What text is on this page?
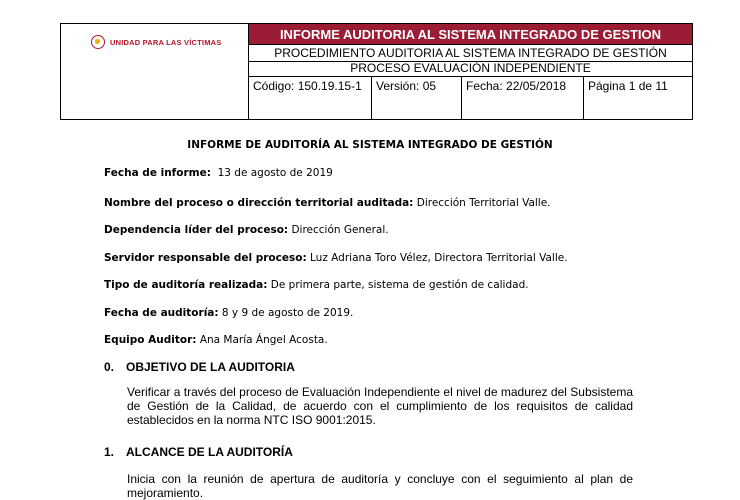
UNIDAD PARA LAS VÍCTIMAS	INFORME AUDITORIA AL SISTEMA INTEGRADO DE GESTION
PROCEDIMIENTO AUDITORIA AL SISTEMA INTEGRADO DE GESTIÓN
PROCESO EVALUACIÓN INDEPENDIENTE
Código: 150.19.15-1	Versión: 05	Fecha: 22/05/2018	Página 1 de 11
INFORME DE AUDITORÍA AL SISTEMA INTEGRADO DE GESTIÓN
Fecha de informe:  13 de agosto de 2019
Nombre del proceso o dirección territorial auditada: Dirección Territorial Valle.
Dependencia líder del proceso: Dirección General.
Servidor responsable del proceso: Luz Adriana Toro Vélez, Directora Territorial Valle.
Tipo de auditoría realizada: De primera parte, sistema de gestión de calidad.
Fecha de auditoría: 8 y 9 de agosto de 2019.
Equipo Auditor: Ana María Ángel Acosta.
0. OBJETIVO DE LA AUDITORIA
Verificar a través del proceso de Evaluación Independiente el nivel de madurez del Subsistema de Gestión de la Calidad, de acuerdo con el cumplimiento de los requisitos de calidad establecidos en la norma NTC ISO 9001:2015.
1. ALCANCE DE LA AUDITORÍA
Inicia con la reunión de apertura de auditoría y concluye con el seguimiento al plan de mejoramiento.
